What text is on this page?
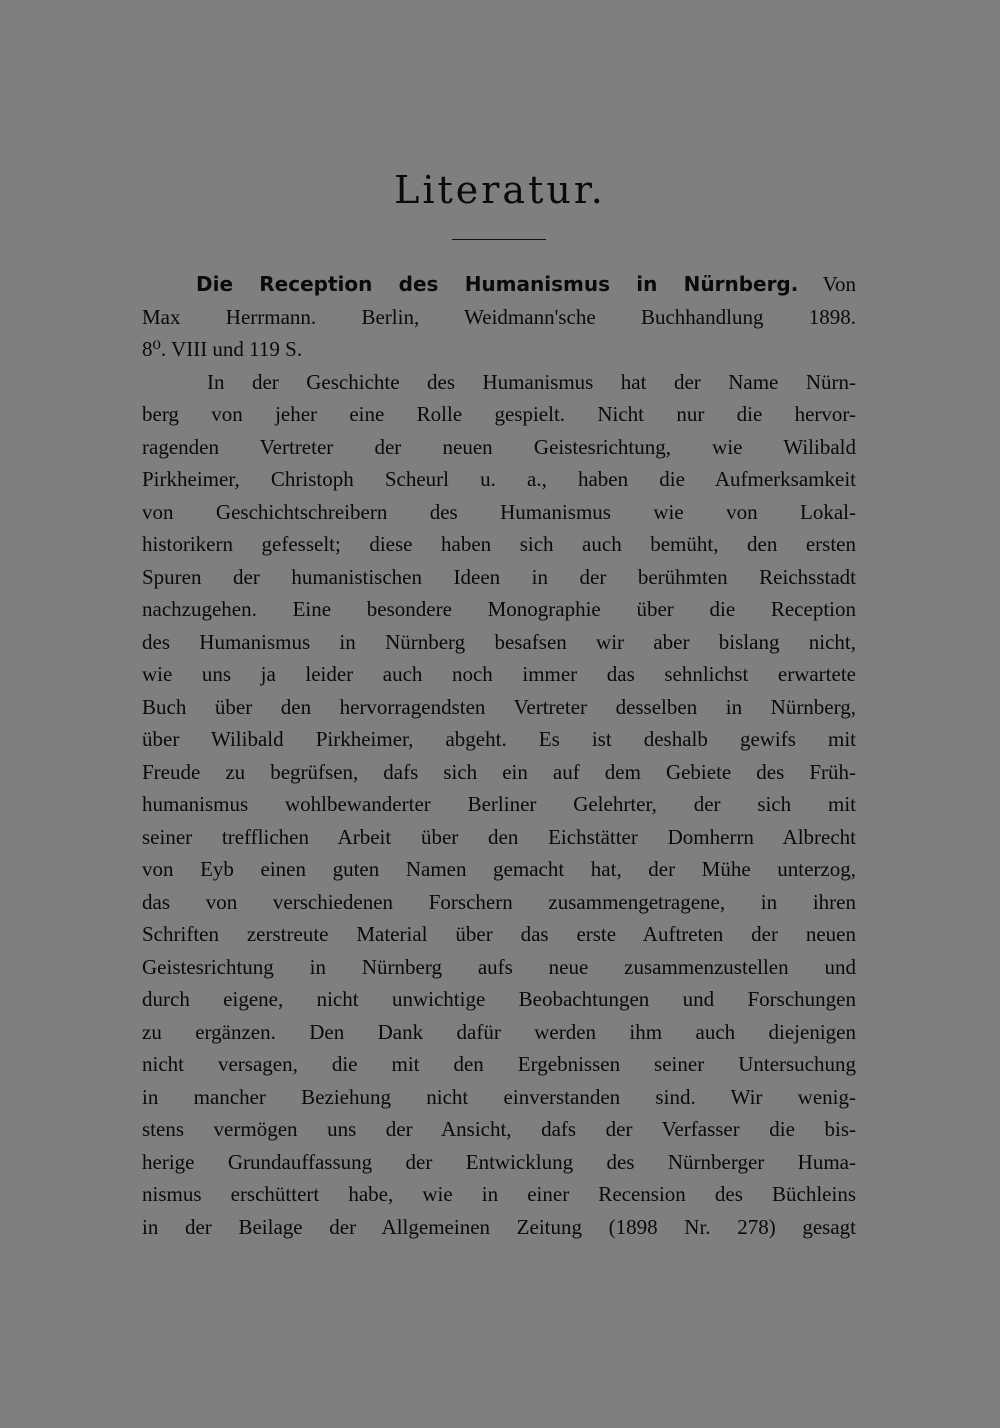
Literatur.
Die Reception des Humanismus in Nürnberg. Von
Max Herrmann. Berlin, Weidmann'sche Buchhandlung 1898.
8⁰. VIII und 119 S.
In der Geschichte des Humanismus hat der Name Nürn-
berg von jeher eine Rolle gespielt. Nicht nur die hervor-
ragenden Vertreter der neuen Geistesrichtung, wie Wilibald
Pirkheimer, Christoph Scheurl u. a., haben die Aufmerksamkeit
von Geschichtschreibern des Humanismus wie von Lokal-
historikern gefesselt; diese haben sich auch bemüht, den ersten
Spuren der humanistischen Ideen in der berühmten Reichsstadt
nachzugehen. Eine besondere Monographie über die Reception
des Humanismus in Nürnberg besafsen wir aber bislang nicht,
wie uns ja leider auch noch immer das sehnlichst erwartete
Buch über den hervorragendsten Vertreter desselben in Nürnberg,
über Wilibald Pirkheimer, abgeht. Es ist deshalb gewifs mit
Freude zu begrüfsen, dafs sich ein auf dem Gebiete des Früh-
humanismus wohlbewanderter Berliner Gelehrter, der sich mit
seiner trefflichen Arbeit über den Eichstätter Domherrn Albrecht
von Eyb einen guten Namen gemacht hat, der Mühe unterzog,
das von verschiedenen Forschern zusammengetragene, in ihren
Schriften zerstreute Material über das erste Auftreten der neuen
Geistesrichtung in Nürnberg aufs neue zusammenzustellen und
durch eigene, nicht unwichtige Beobachtungen und Forschungen
zu ergänzen. Den Dank dafür werden ihm auch diejenigen
nicht versagen, die mit den Ergebnissen seiner Untersuchung
in mancher Beziehung nicht einverstanden sind. Wir wenig-
stens vermögen uns der Ansicht, dafs der Verfasser die bis-
herige Grundauffassung der Entwicklung des Nürnberger Huma-
nismus erschüttert habe, wie in einer Recension des Büchleins
in der Beilage der Allgemeinen Zeitung (1898 Nr. 278) gesagt
